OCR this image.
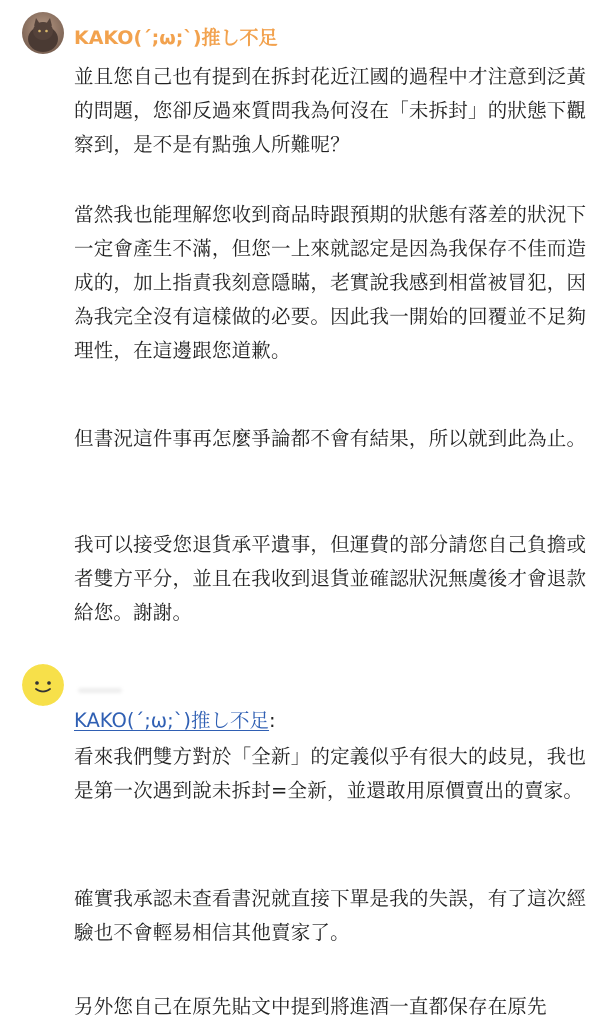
KAKO(´;ω;`)推し不足

並且您自己也有提到在拆封花近江國的過程中才注意到泛黃的問題，您卻反過來質問我為何沒在「未拆封」的狀態下觀察到，是不是有點強人所難呢？

當然我也能理解您收到商品時跟預期的狀態有落差的狀況下一定會產生不滿，但您一上來就認定是因為我保存不佳而造成的，加上指責我刻意隱瞞，老實說我感到相當被冒犯，因為我完全沒有這樣做的必要。因此我一開始的回覆並不足夠理性，在這邊跟您道歉。

但書況這件事再怎麼爭論都不會有結果，所以就到此為止。

我可以接受您退貨承平遺事，但運費的部分請您自己負擔或者雙方平分，並且在我收到退貨並確認狀況無虞後才會退款給您。謝謝。

KAKO(´;ω;`)推し不足:

看來我們雙方對於「全新」的定義似乎有很大的歧見，我也是第一次遇到說未拆封=全新，並還敢用原價賣出的賣家。

確實我承認未查看書況就直接下單是我的失誤，有了這次經驗也不會輕易相信其他賣家了。

另外您自己在原先貼文中提到將進酒一直都保存在原先
